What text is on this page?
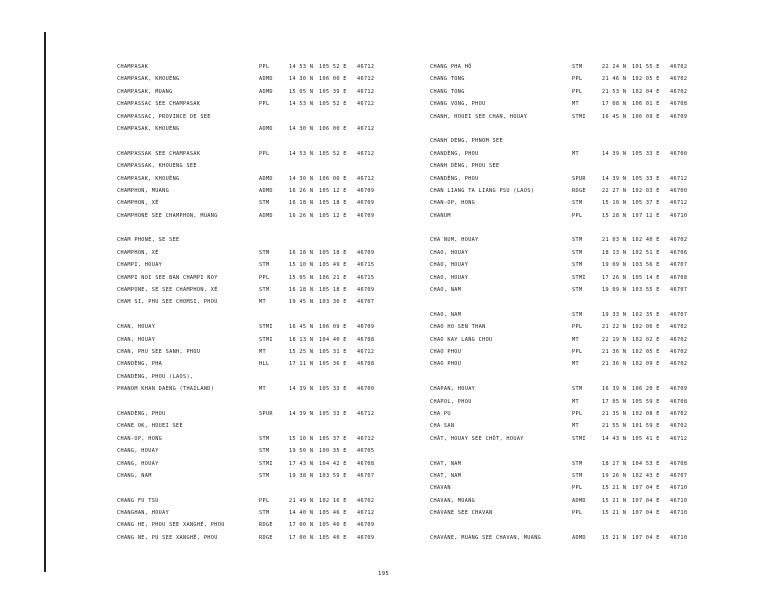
CHAMPASAK	PPL	14 53 N 105 52 E 46712
CHAMPASAK, KHOUÈNG	ADMD	14 30 N 106 00 E 46712
CHAMPASAK, MUANG	ADMD	15 05 N 105 39 E 46712
CHAMPASSAC SEE CHAMPASAK	PPL	14 53 N 105 52 E 46712
CHAMPASSAC, PROVINCE DE SEE
CHAMPASAK, KHOUÈNG	ADMD	14 30 N 106 00 E 46712
CHAMPASSAK SEE CHAMPASAK	PPL	14 53 N 105 52 E 46712
CHAMPASSAK, KHOUENG SEE
CHAMPASAK, KHOUÈNG	ADMD	14 30 N 106 00 E 46712
CHAMPHON, MUANG	ADMD	16 26 N 105 12 E 46709
CHAMPHON, XÉ	STM	16 18 N 105 18 E 46709
CHAMPHONE SEE CHAMPHON, MUANG	ADMD	16 26 N 105 12 E 46709
CHAM PHONE, SE SEE
CHAMPHON, XÉ	STM	16 18 N 105 18 E 46709
CHAMPI, HOUAY	STM	15 10 N 105 49 E 46715
CHAMPI NOI SEE BAN CHAMPI NOY	PPL	15 05 N 106 21 E 46715
CHAMPONE, SE SEE CHAMPHON, XÉ	STM	16 18 N 105 18 E 46709
CHAM SI, PHU SEE CHOMSI, PHOU	MT	19 45 N 103 30 E 46707
CHAN, HOUAY	STMI	16 45 N 106 09 E 46709
CHAN, HOUAY	STMI	18 13 N 104 40 E 46708
CHAN, PHU SEE SANH, PHOU	MT	15 25 N 105 31 E 46712
CHANDÈNG, PHA	HLL	17 11 N 105 36 E 46708
CHANDÈNG, PHOU (LAOS),
PHANOM KHAN DAENG (THAILAND)	MT	14 39 N 105 33 E 46700
CHANDÈNG, PHOU	SPUR	14 39 N 105 33 E 46712
CHANE OK, HOUEI SEE
CHAN-OP, HONG	STM	15 10 N 105 37 E 46712
CHANG, HOUAY	STM	19 50 N 100 35 E 46705
CHANG, HOUAY	STMI	17 43 N 104 42 E 46708
CHANG, NAM	STM	19 38 N 103 59 E 46707
CHANG FU TSU	PPL	21 49 N 102 16 E 46702
CHANGHAN, HOUAY	STM	14 40 N 105 46 E 46712
CHANG HE, PHOU SEE XANGHÉ, PHOU	RDGE	17 00 N 105 40 E 46709
CHANG NE, PU SEE XANGHÉ, PHOU	RDGE	17 00 N 105 40 E 46709
CHANG PHA HÔ	STM	22 24 N 101 55 E 46702
CHANG TONG	PPL	21 46 N 102 05 E 46702
CHANG TONG	PPL	21 53 N 102 04 E 46702
CHANG VONG, PHOU	MT	17 08 N 106 01 E 46708
CHANH, HOUEI SEE CHAN, HOUAY	STMI	16 45 N 106 09 E 46709
CHANH DENG, PHNOM SEE
CHANDÈNG, PHOU	MT	14 39 N 105 33 E 46700
CHANH DÈNG, PHOU SEE
CHANDÈNG, PHOU	SPUR	14 39 N 105 33 E 46712
CHAN LIANG TA LIANG PSU (LAOS)	RDGE	22 27 N 102 03 E 46700
CHAN-OP, HONG	STM	15 10 N 105 37 E 46712
CHANUM	PPL	15 28 N 107 12 E 46710
CHA NUM, HOUAY	STM	21 03 N 102 40 E 46702
CHAO, HOUAY	STM	18 13 N 102 51 E 46706
CHAO, HOUAY	STM	19 09 N 103 56 E 46707
CHAO, HOUAY	STMI	17 26 N 105 14 E 46708
CHAO, NAM	STM	19 09 N 103 55 E 46707
CHAO, NAM	STM	19 33 N 102 35 E 46707
CHAO HO SEN THAN	PPL	21 22 N 102 06 E 46702
CHAO KAY LANG CHOU	MT	22 19 N 102 02 E 46702
CHAO PHOU	PPL	21 36 N 102 05 E 46702
CHAO PHOU	MT	21 36 N 102 09 E 46702
CHAPAN, HOUAY	STM	16 39 N 106 20 E 46709
CHAPOL, PHOU	MT	17 05 N 105 59 E 46708
CHA PU	PPL	21 35 N 102 08 E 46702
CHA SAN	MT	21 55 N 101 59 E 46702
CHÂT, HOUAY SEE CHÔT, HOUAY	STMI	14 43 N 105 41 E 46712
CHAT, NAM	STM	18 27 N 104 53 E 46708
CHAT, NAM	STM	19 26 N 102 43 E 46707
CHAVAN	PPL	15 21 N 107 04 E 46710
CHAVAN, MUANG	ADMD	15 21 N 107 04 E 46710
CHAVANE SEE CHAVAN	PPL	15 21 N 107 04 E 46710
CHAVANE, MUANG SEE CHAVAN, MUANG	ADMD	15 21 N 107 04 E 46710
195
